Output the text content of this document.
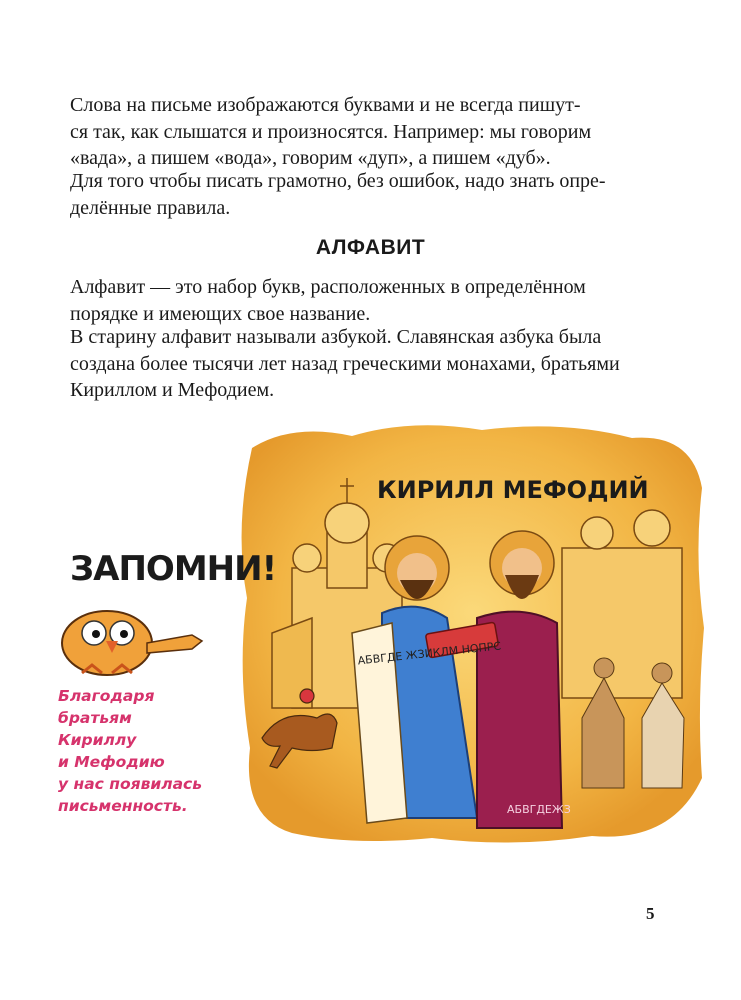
Слова на письме изображаются буквами и не всегда пишут-
ся так, как слышатся и произносятся. Например: мы говорим
«вада», а пишем «вода», говорим «дуп», а пишем «дуб».

Для того чтобы писать грамотно, без ошибок, надо знать опре-
делённые правила.

АЛФАВИТ

Алфавит — это набор букв, расположенных в определённом
порядке и имеющих свое название.

В старину алфавит называли азбукой. Славянская азбука была
создана более тысячи лет назад греческими монахами, братьями
Кириллом и Мефодием.

КИРИЛЛ МЕФОДИЙ
АБВГДЕ ЖЗИКЛМ НОПРС
АБВГДЕЖЗ
ЗАПОМНИ!

Благодаря
братьям
Кириллу
и Мефодию
у нас появилась
письменность.

5
